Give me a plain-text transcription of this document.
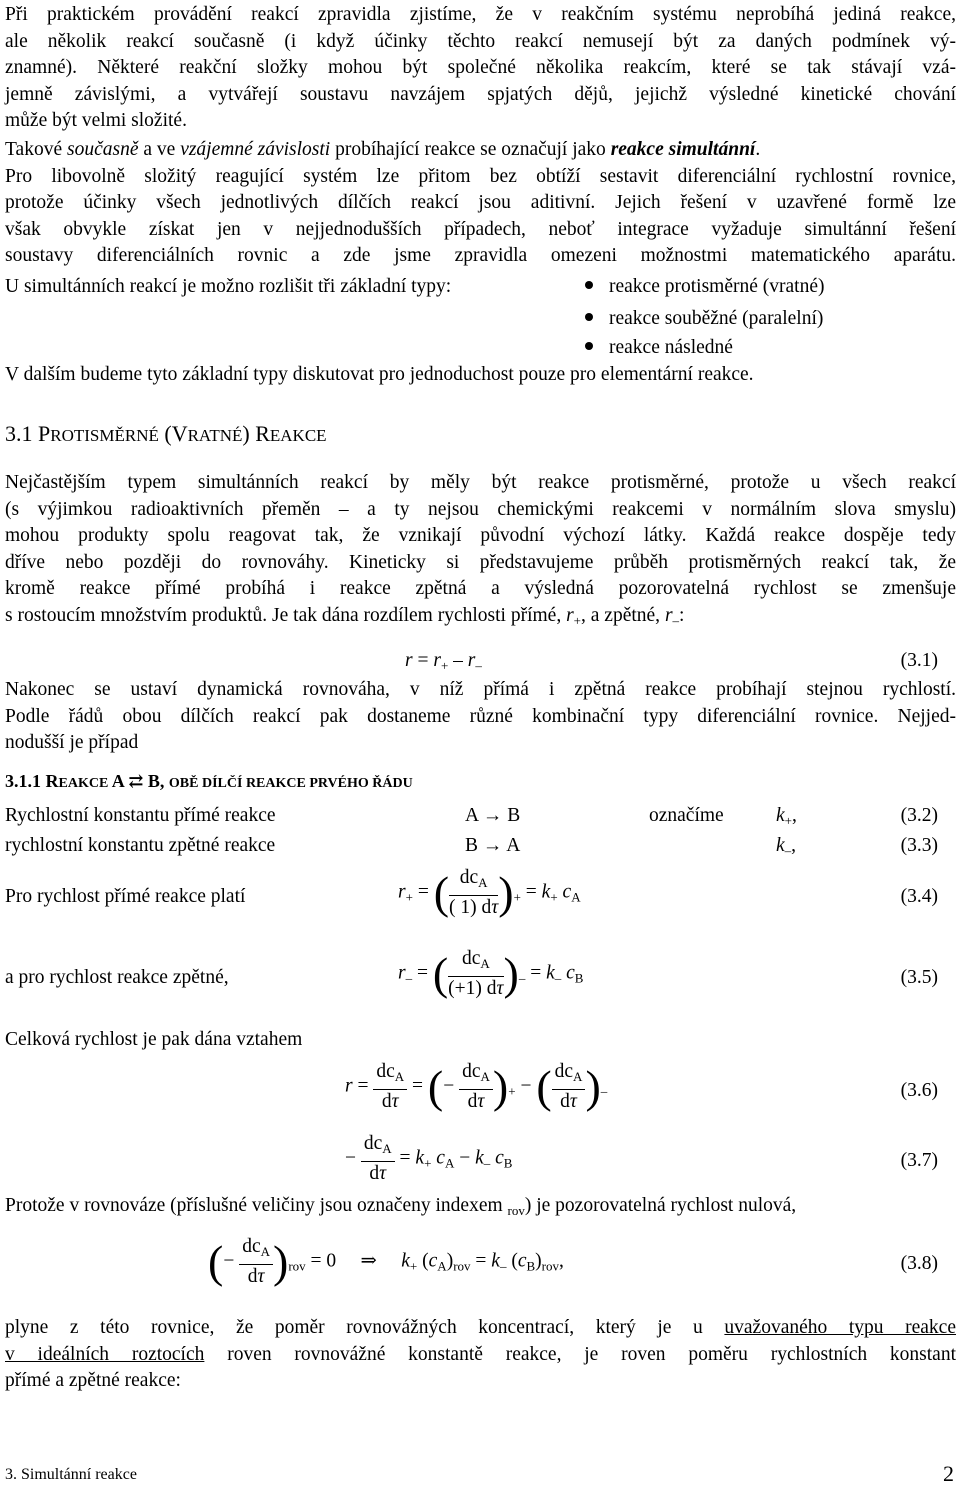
Při praktickém provádění reakcí zpravidla zjistíme, že v reakčním systému neprobíhá jediná reakce,
ale několik reakcí současně (i když účinky těchto reakcí nemusejí být za daných podmínek vý-
znamné). Některé reakční složky mohou být společné několika reakcím, které se tak stávají vzá-
jemně závislými, a vytvářejí soustavu navzájem spjatých dějů, jejichž výsledné kinetické chování
může být velmi složité.

Takové současně a ve vzájemné závislosti probíhající reakce se označují jako reakce simultánní.
Pro libovolně složitý reagující systém lze přitom bez obtíží sestavit diferenciální rychlostní rovnice,
protože účinky všech jednotlivých dílčích reakcí jsou aditivní. Jejich řešení v uzavřené formě lze
však obvykle získat jen v nejjednodušších případech, neboť integrace vyžaduje simultánní řešení
soustavy diferenciálních rovnic a zde jsme zpravidla omezeni možnostmi matematického aparátu.

U simultánních reakcí je možno rozlišit tři základní typy:	reakce protisměrné (vratné)
reakce souběžné (paralelní)
reakce následné
V dalším budeme tyto základní typy diskutovat pro jednoduchost pouze pro elementární reakce.
3.1 PROTISMĚRNÉ (VRATNÉ) REAKCE

Nejčastějším typem simultánních reakcí by měly být reakce protisměrné, protože u všech reakcí
(s výjimkou radioaktivních přeměn – a ty nejsou chemickými reakcemi v normálním slova smyslu)
mohou produkty spolu reagovat tak, že vznikají původní výchozí látky. Každá reakce dospěje tedy
dříve nebo později do rovnováhy. Kineticky si představujeme průběh protisměrných reakcí tak, že
kromě reakce přímé probíhá i reakce zpětná a výsledná pozorovatelná rychlost se zmenšuje
s rostoucím množstvím produktů. Je tak dána rozdílem rychlosti přímé, $r_+$, a zpětné, $r_-$:

$r = r_+ - r_-$	(3.1)

Nakonec se ustaví dynamická rovnováha, v níž přímá i zpětná reakce probíhají stejnou rychlostí.
Podle řádů obou dílčích reakcí pak dostaneme různé kombinační typy diferenciální rovnice. Nejjed-
nodušší je případ

3.1.1 REAKCE A ⇄ B, OBĚ DÍLČÍ REAKCE PRVÉHO ŘÁDU
Rychlostní konstantu přímé reakce	A → B	označíme	$k_+$,	(3.2)
rychlostní konstantu zpětné reakce	B → A	$k_-$,	(3.3)
Pro rychlost přímé reakce platí	$r_+$ = ( $\frac{dc_A}{( 1) d\tau} )_+ = k_+$ $c_A$	(3.4)
a pro rychlost reakce zpětné,	$r_-$ = ( $\frac{dc_A}{(+1) d\tau} )_- = k_-$ $c_B$	(3.5)
Celková rychlost je pak dána vztahem
$r = \frac{dc_A}{d\tau}$ = (− $\frac{dc_A}{d\tau} )_+$ − ( $\frac{dc_A}{d\tau} )_-$	(3.6)
− $\frac{dc_A}{d\tau} = k_+$ $c_A - k_-$ $c_B$	(3.7)
Protože v rovnováze (příslušné veličiny jsou označeny indexem $_{rov}$) je pozorovatelná rychlost nulová,
(− $\frac{dc_A}{d\tau} )_{rov} = 0$ ⇒ $k_+$ $(c_A)_{rov} = k_-$ $(c_B)_{rov}$,	(3.8)

plyne z této rovnice, že poměr rovnovážných koncentrací, který je u uvažovaného typu reakce
v ideálních roztocích roven rovnovážné konstantě reakce, je roven poměru rychlostních konstant
přímé a zpětné reakce:

3. Simultánní reakce	2
